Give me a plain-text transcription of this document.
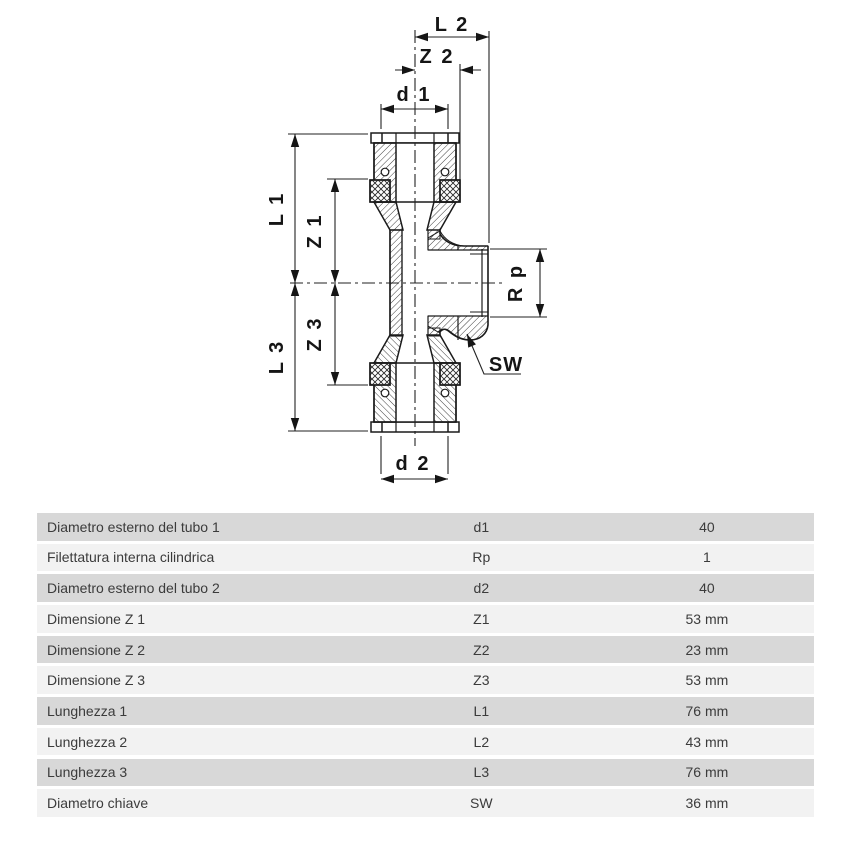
L 2
Z 2
d 1
d 2
SW
L 1
Z 1
Z 3
L 3
R p
Diametro esterno del tubo 1	d1	40
Filettatura interna cilindrica	Rp	1
Diametro esterno del tubo 2	d2	40
Dimensione Z 1	Z1	53 mm
Dimensione Z 2	Z2	23 mm
Dimensione Z 3	Z3	53 mm
Lunghezza 1	L1	76 mm
Lunghezza 2	L2	43 mm
Lunghezza 3	L3	76 mm
Diametro chiave	SW	36 mm
